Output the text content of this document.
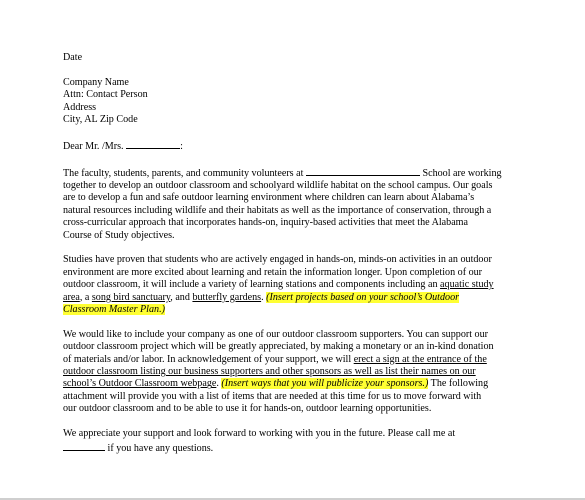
Date
Company Name
Attn: Contact Person
Address
City, AL Zip Code
Dear Mr. /Mrs.	:
The faculty, students, parents, and community volunteers at	School are working
together to develop an outdoor classroom and schoolyard wildlife habitat on the school campus. Our goals
are to develop a fun and safe outdoor learning environment where children can learn about Alabama’s
natural resources including wildlife and their habitats as well as the importance of conservation, through a
cross-curricular approach that incorporates hands-on, inquiry-based activities that meet the Alabama
Course of Study objectives.
Studies have proven that students who are actively engaged in hands-on, minds-on activities in an outdoor
environment are more excited about learning and retain the information longer. Upon completion of our
outdoor classroom, it will include a variety of learning stations and components including an aquatic study
area, a song bird sanctuary, and butterfly gardens. (Insert projects based on your school’s Outdoor
Classroom Master Plan.)
We would like to include your company as one of our outdoor classroom supporters. You can support our
outdoor classroom project which will be greatly appreciated, by making a monetary or an in-kind donation
of materials and/or labor. In acknowledgement of your support, we will erect a sign at the entrance of the
outdoor classroom listing our business supporters and other sponsors as well as list their names on our
school’s Outdoor Classroom webpage. (Insert ways that you will publicize your sponsors.) The following
attachment will provide you with a list of items that are needed at this time for us to move forward with
our outdoor classroom and to be able to use it for hands-on, outdoor learning opportunities.
We appreciate your support and look forward to working with you in the future. Please call me at
if you have any questions.
